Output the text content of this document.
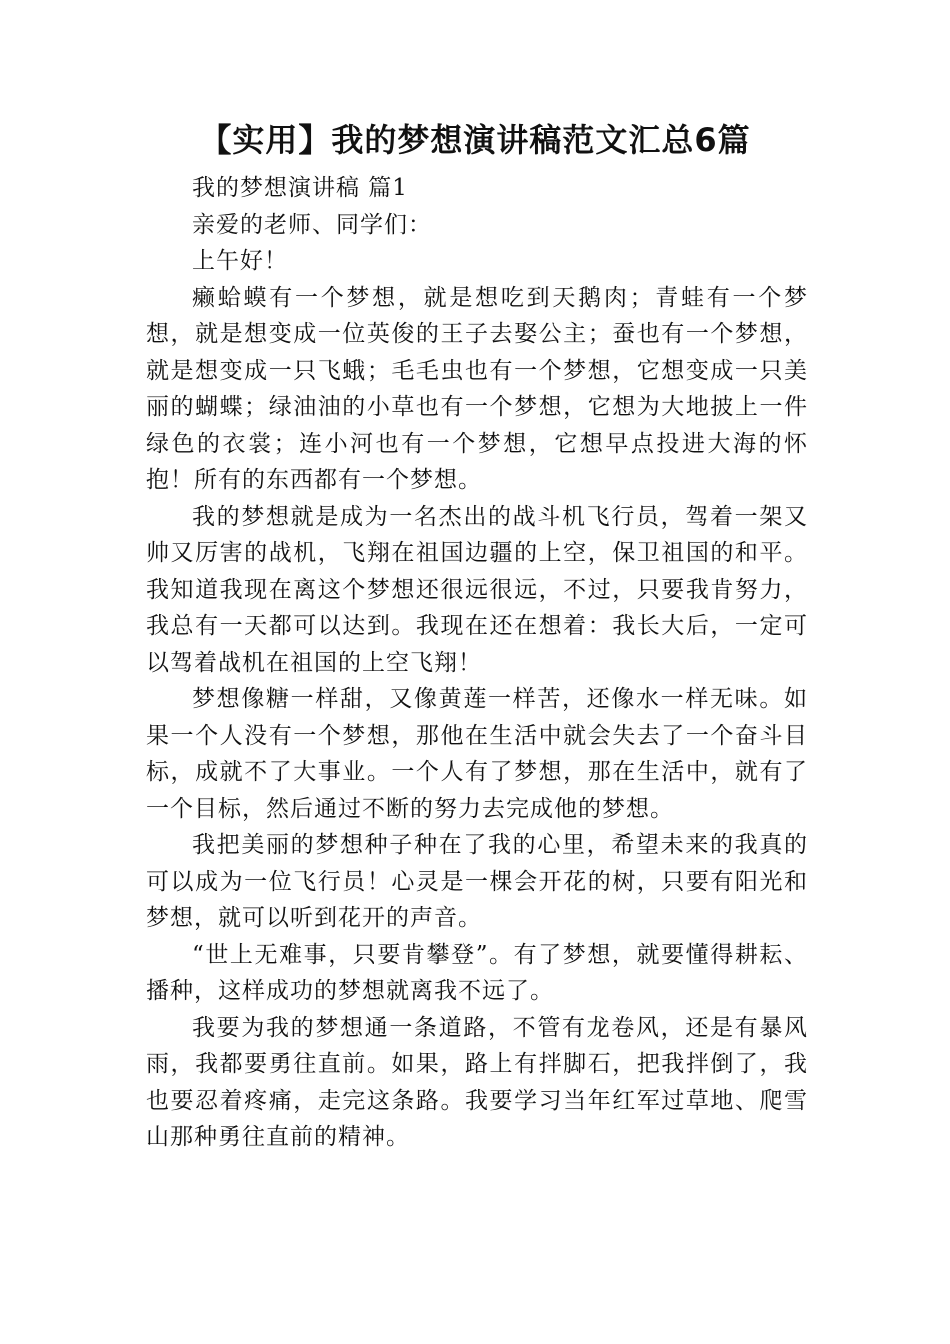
【实用】我的梦想演讲稿范文汇总6篇

我的梦想演讲稿 篇1

亲爱的老师、同学们：

上午好！

癞蛤蟆有一个梦想，就是想吃到天鹅肉；青蛙有一个梦想，就是想变成一位英俊的王子去娶公主；蚕也有一个梦想，就是想变成一只飞蛾；毛毛虫也有一个梦想，它想变成一只美丽的蝴蝶；绿油油的小草也有一个梦想，它想为大地披上一件绿色的衣裳；连小河也有一个梦想，它想早点投进大海的怀抱！所有的东西都有一个梦想。

我的梦想就是成为一名杰出的战斗机飞行员，驾着一架又帅又厉害的战机，飞翔在祖国边疆的上空，保卫祖国的和平。我知道我现在离这个梦想还很远很远，不过，只要我肯努力，我总有一天都可以达到。我现在还在想着：我长大后，一定可以驾着战机在祖国的上空飞翔！

梦想像糖一样甜，又像黄莲一样苦，还像水一样无味。如果一个人没有一个梦想，那他在生活中就会失去了一个奋斗目标，成就不了大事业。一个人有了梦想，那在生活中，就有了一个目标，然后通过不断的努力去完成他的梦想。

我把美丽的梦想种子种在了我的心里，希望未来的我真的可以成为一位飞行员！心灵是一棵会开花的树，只要有阳光和梦想，就可以听到花开的声音。

“世上无难事，只要肯攀登”。有了梦想，就要懂得耕耘、播种，这样成功的梦想就离我不远了。

我要为我的梦想通一条道路，不管有龙卷风，还是有暴风雨，我都要勇往直前。如果，路上有拌脚石，把我拌倒了，我也要忍着疼痛，走完这条路。我要学习当年红军过草地、爬雪山那种勇往直前的精神。
